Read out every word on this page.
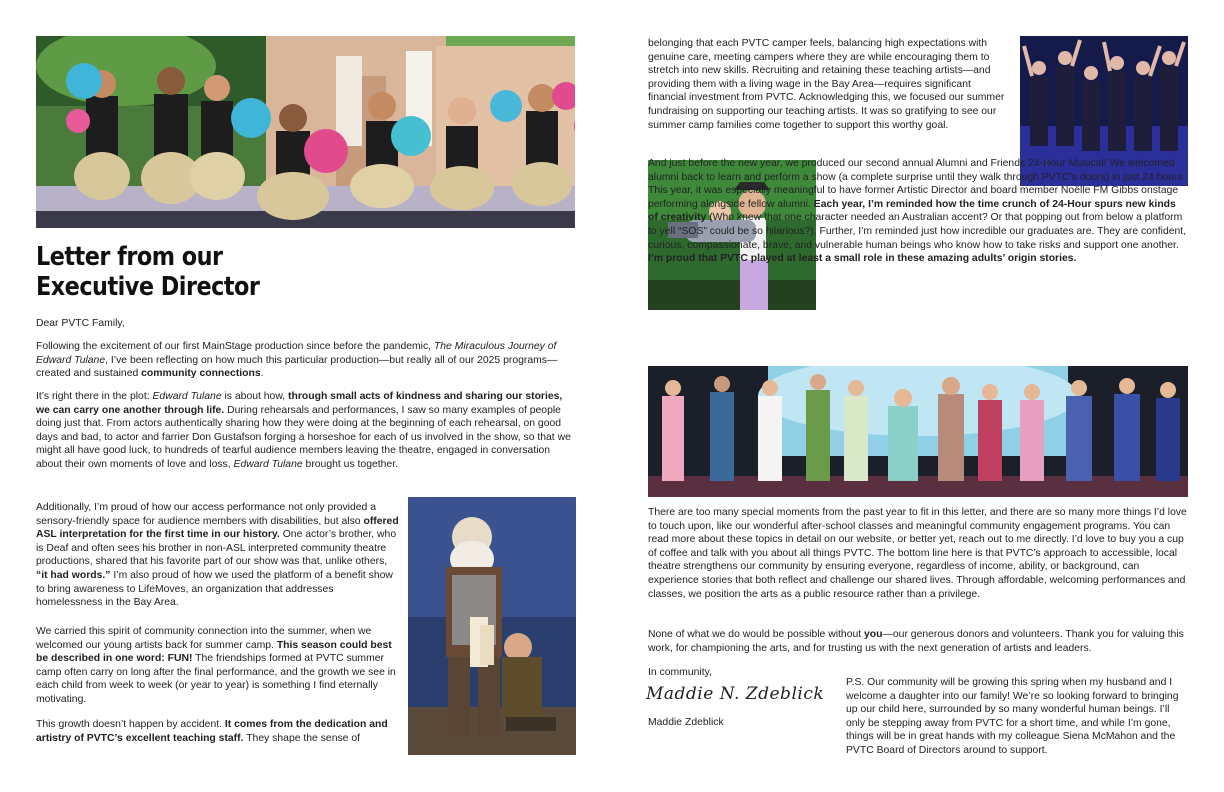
Letter from our
Executive Director

Dear PVTC Family,

Following the excitement of our first MainStage production since before the pandemic, The Miraculous Journey of Edward Tulane, I’ve been reflecting on how much this particular production—but really all of our 2025 programs—created and sustained community connections.

It’s right there in the plot: Edward Tulane is about how, through small acts of kindness and sharing our stories, we can carry one another through life. During rehearsals and performances, I saw so many examples of people doing just that. From actors authentically sharing how they were doing at the beginning of each rehearsal, on good days and bad, to actor and farrier Don Gustafson forging a horseshoe for each of us involved in the show, so that we might all have good luck, to hundreds of tearful audience members leaving the theatre, engaged in conversation about their own moments of love and loss, Edward Tulane brought us together.

Additionally, I’m proud of how our access performance not only provided a sensory-friendly space for audience members with disabilities, but also offered ASL interpretation for the first time in our history. One actor’s brother, who is Deaf and often sees his brother in non-ASL interpreted community theatre productions, shared that his favorite part of our show was that, unlike others, “it had words.” I’m also proud of how we used the platform of a benefit show to bring awareness to LifeMoves, an organization that addresses homelessness in the Bay Area.

We carried this spirit of community connection into the summer, when we welcomed our young artists back for summer camp. This season could best be described in one word: FUN! The friendships formed at PVTC summer camp often carry on long after the final performance, and the growth we see in each child from week to week (or year to year) is something I find eternally motivating.

This growth doesn’t happen by accident. It comes from the dedication and artistry of PVTC’s excellent teaching staff. They shape the sense of

belonging that each PVTC camper feels, balancing high expectations with genuine care, meeting campers where they are while encouraging them to stretch into new skills. Recruiting and retaining these teaching artists—and providing them with a living wage in the Bay Area—requires significant financial investment from PVTC. Acknowledging this, we focused our summer fundraising on supporting our teaching artists. It was so gratifying to see our summer camp families come together to support this worthy goal.

And just before the new year, we produced our second annual Alumni and Friends 24-Hour Musical! We welcomed alumni back to learn and perform a show (a complete surprise until they walk through PVTC’s doors) in just 24 hours. This year, it was especially meaningful to have former Artistic Director and board member Noëlle FM Gibbs onstage performing alongside fellow alumni. Each year, I’m reminded how the time crunch of 24-Hour spurs new kinds of creativity (Who knew that one character needed an Australian accent? Or that popping out from below a platform to yell “SOS” could be so hilarious?). Further, I’m reminded just how incredible our graduates are. They are confident, curious, compassionate, brave, and vulnerable human beings who know how to take risks and support one another. I’m proud that PVTC played at least a small role in these amazing adults’ origin stories.

There are too many special moments from the past year to fit in this letter, and there are so many more things I’d love to touch upon, like our wonderful after-school classes and meaningful community engagement programs. You can read more about these topics in detail on our website, or better yet, reach out to me directly. I’d love to buy you a cup of coffee and talk with you about all things PVTC. The bottom line here is that PVTC’s approach to accessible, local theatre strengthens our community by ensuring everyone, regardless of income, ability, or background, can experience stories that both reflect and challenge our shared lives. Through affordable, welcoming performances and classes, we position the arts as a public resource rather than a privilege.

None of what we do would be possible without you—our generous donors and volunteers. Thank you for valuing this work, for championing the arts, and for trusting us with the next generation of artists and leaders.

In community,

Maddie N. Zdeblick

Maddie Zdeblick

P.S. Our community will be growing this spring when my husband and I welcome a daughter into our family! We’re so looking forward to bringing up our child here, surrounded by so many wonderful human beings. I’ll only be stepping away from PVTC for a short time, and while I’m gone, things will be in great hands with my colleague Siena McMahon and the PVTC Board of Directors around to support.
